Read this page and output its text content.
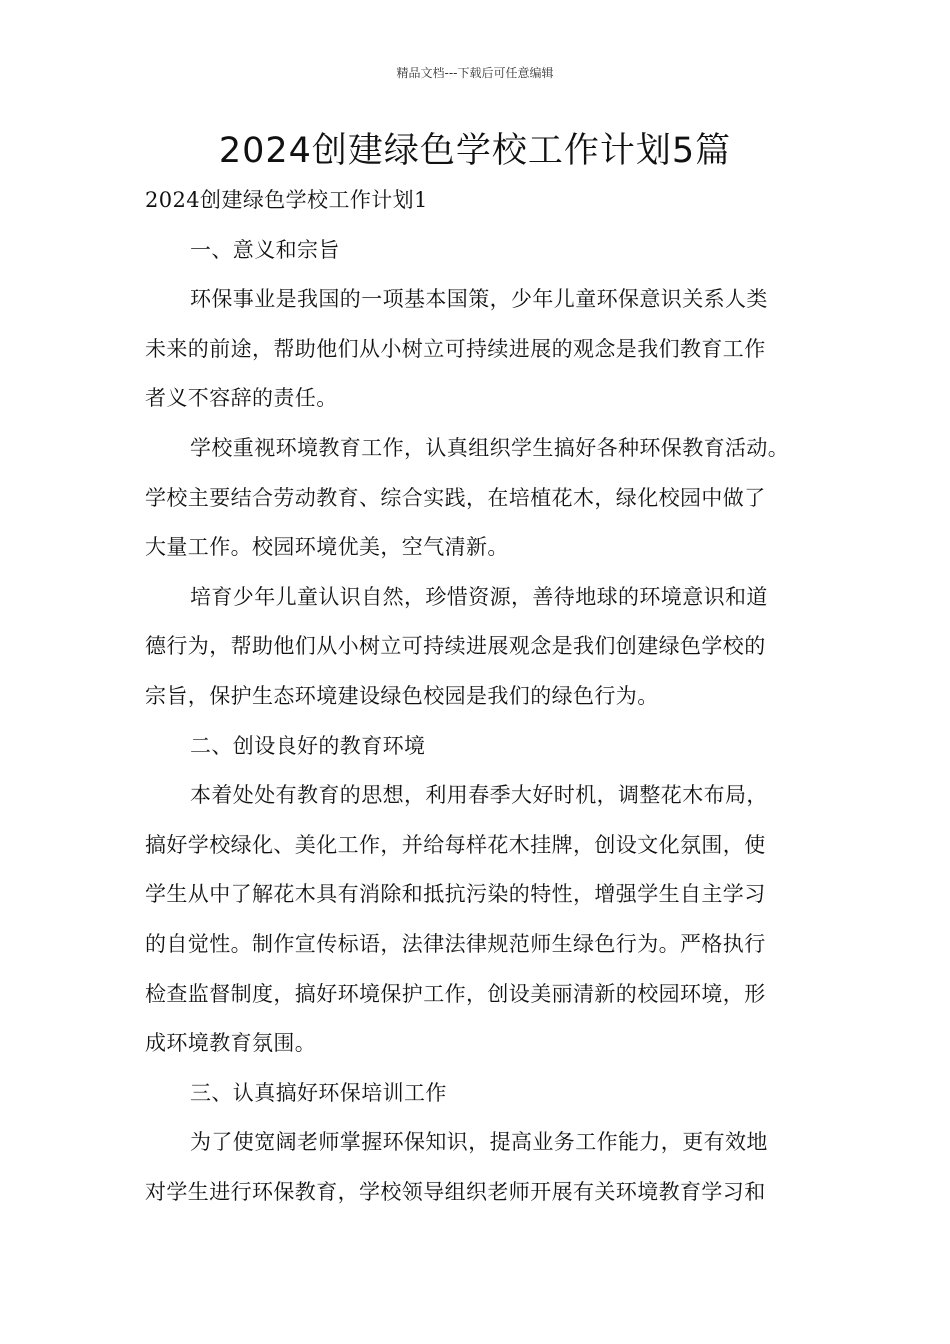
精品文档---下载后可任意编辑
2024创建绿色学校工作计划5篇
2024创建绿色学校工作计划1
一、意义和宗旨
环保事业是我国的一项基本国策，少年儿童环保意识关系人类
未来的前途，帮助他们从小树立可持续进展的观念是我们教育工作
者义不容辞的责任。
学校重视环境教育工作，认真组织学生搞好各种环保教育活动。
学校主要结合劳动教育、综合实践，在培植花木，绿化校园中做了
大量工作。校园环境优美，空气清新。
培育少年儿童认识自然，珍惜资源，善待地球的环境意识和道
德行为，帮助他们从小树立可持续进展观念是我们创建绿色学校的
宗旨，保护生态环境建设绿色校园是我们的绿色行为。
二、创设良好的教育环境
本着处处有教育的思想，利用春季大好时机，调整花木布局，
搞好学校绿化、美化工作，并给每样花木挂牌，创设文化氛围，使
学生从中了解花木具有消除和抵抗污染的特性，增强学生自主学习
的自觉性。制作宣传标语，法律法律规范师生绿色行为。严格执行
检查监督制度，搞好环境保护工作，创设美丽清新的校园环境，形
成环境教育氛围。
三、认真搞好环保培训工作
为了使宽阔老师掌握环保知识，提高业务工作能力，更有效地
对学生进行环保教育，学校领导组织老师开展有关环境教育学习和
